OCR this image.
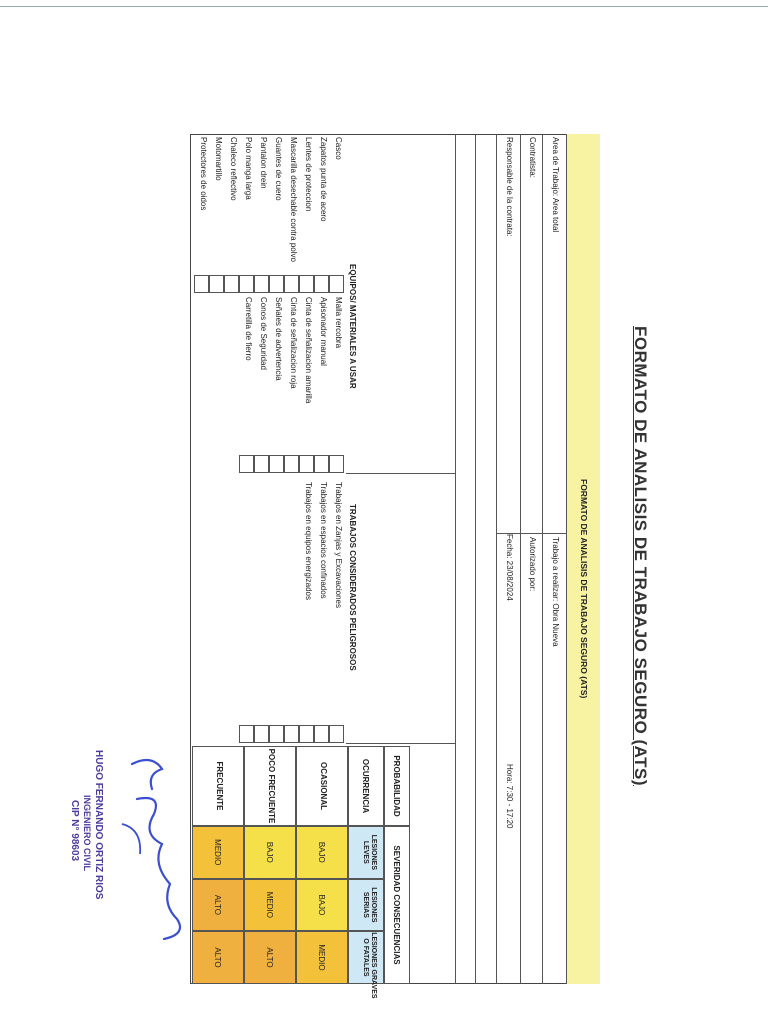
FORMATO DE ANALISIS DE TRABAJO SEGURO (ATS)
FORMATO DE ANALISIS DE TRABAJO SEGURO (ATS)
Area de Trabajo: Area total
Trabajo a realizar: Obra Nueva
Contratista:
Autorizado por:
Responsable de la contrata:
Fecha: 23/08/2024
Hora: 7:30 - 17:20
EQUIPOS/ MATERIALES A USAR
TRABAJOS CONSIDERADOS PELIGROSOS
Casco
Zapatos punta de acero
Lentes de proteccion
Mascarilla desechable contra polvo
Guantes de cuero
Pantalon drein
Polo manga larga
Chaleco reflectivo
Motomartillo
Protectores de oidos
Malla rercobra
Apisonador manual
Cinta de señalizacion amarilla
Cinta de señalizacion roja
Señales de advertencia
Conos de Seguridad
Carretilla de fierro
Trabajos en Zanjas y Excavaciones
Trabajos en espacios confinados
Trabajos en equipos energizados
SEVERIDAD CONSECUENCIAS
PROBABILIDAD
OCURRENCIA
LESIONES
LEVES
LESIONES
SERIAS
LESIONES GRAVES
O FATALES
OCASIONAL
BAJO
BAJO
MEDIO
POCO FRECUENTE
BAJO
MEDIO
ALTO
FRECUENTE
MEDIO
ALTO
ALTO
HUGO FERNANDO ORTIZ RIOS
INGENIERO CIVIL
CIP N° 98603
